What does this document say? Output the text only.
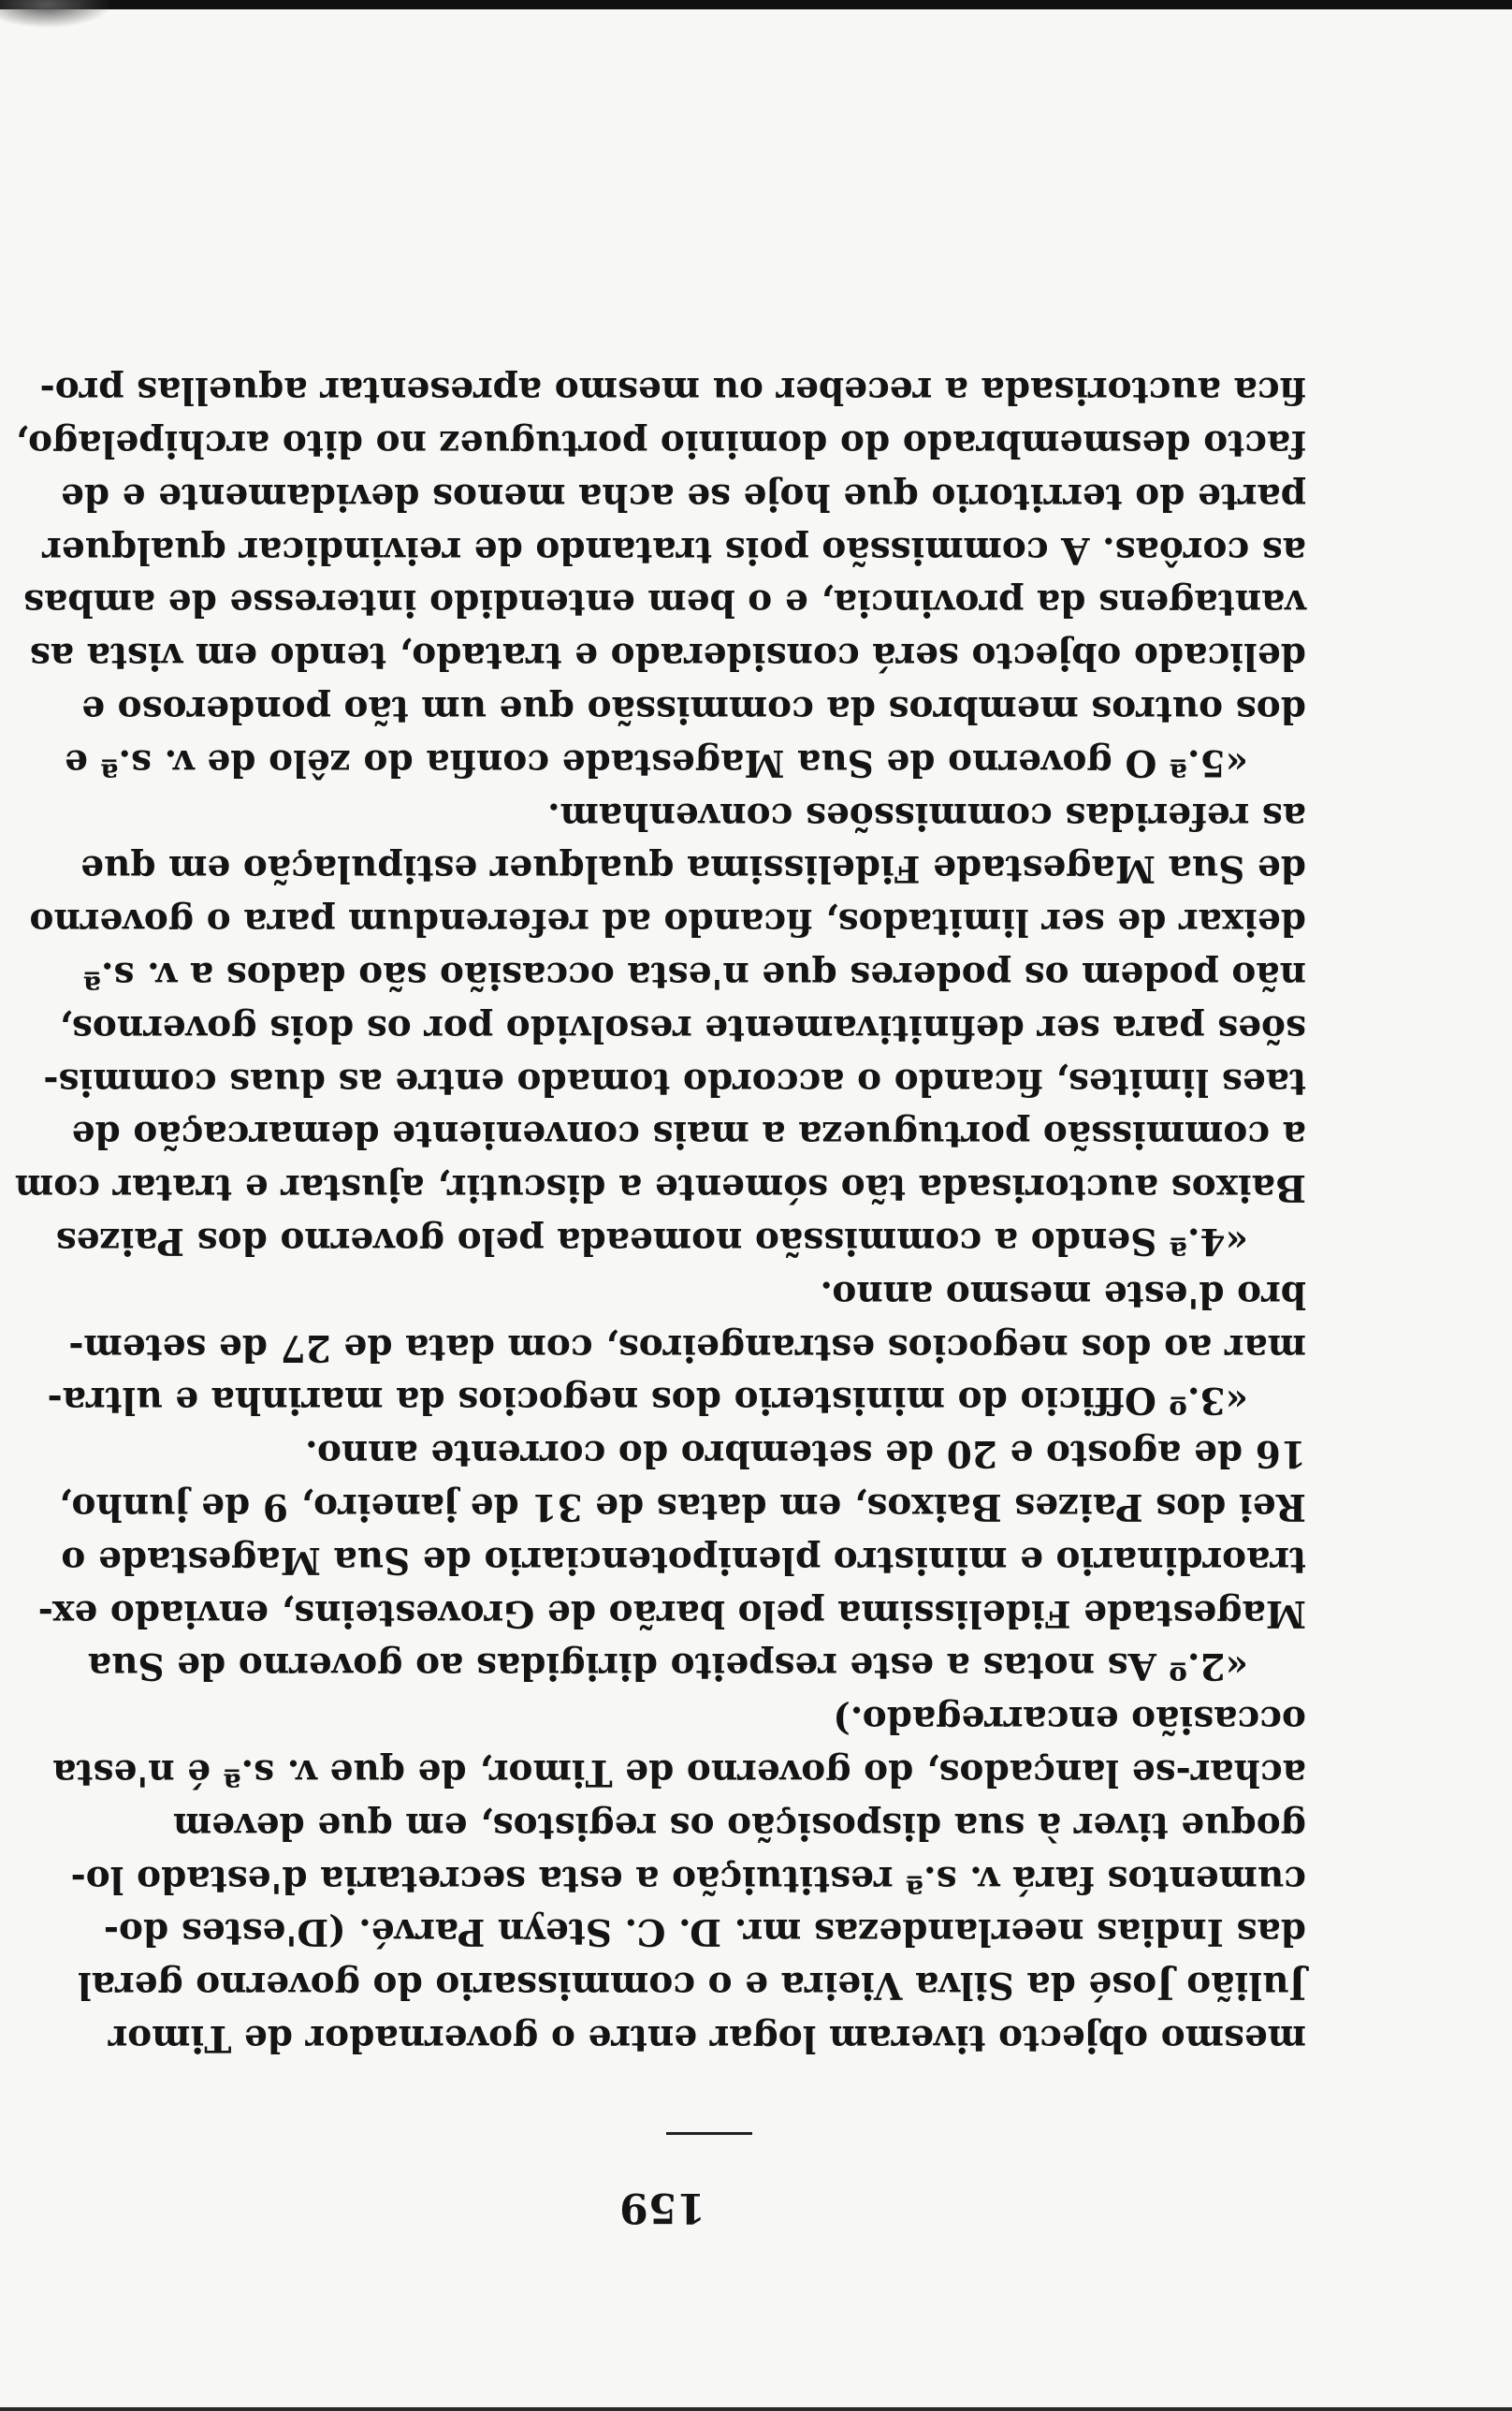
159
mesmo objecto tiveram logar entre o governador de Timor
Julião José da Silva Vieira e o commissario do governo geral
das Indias neerlandezas mr. D. C. Steyn Parvé. (D'estes do-
cumentos fará v. s.ª restituição a esta secretaria d'estado lo-
goque tiver à sua disposição os registos, em que devem
achar-se lançados, do governo de Timor, de que v. s.ª é n'esta
occasião encarregado.)
«2.º As notas a este respeito dirigidas ao governo de Sua
Magestade Fidelissima pelo barão de Grovesteins, enviado ex-
traordinario e ministro plenipotenciario de Sua Magestade o
Rei dos Paizes Baixos, em datas de 31 de janeiro, 9 de junho,
16 de agosto e 20 de setembro do corrente anno.
«3.º Officio do ministerio dos negocios da marinha e ultra-
mar ao dos negocios estrangeiros, com data de 27 de setem-
bro d'este mesmo anno.
«4.ª Sendo a commissão nomeada pelo governo dos Paizes
Baixos auctorisada tão sómente a discutir, ajustar e tratar com
a commissão portugueza a mais conveniente demarcação de
taes limites, ficando o accordo tomado entre as duas commis-
sões para ser definitivamente resolvido por os dois governos,
não podem os poderes que n'esta occasião são dados a v. s.ª
deixar de ser limitados, ficando ad referendum para o governo
de Sua Magestade Fidelissima qualquer estipulação em que
as referidas commissões convenham.
«5.ª O governo de Sua Magestade confia do zêlo de v. s.ª e
dos outros membros da commissão que um tão ponderoso e
delicado objecto será considerado e tratado, tendo em vista as
vantagens da provincia, e o bem entendido interesse de ambas
as corôas. A commissão pois tratando de reivindicar qualquer
parte do territorio que hoje se acha menos devidamente e de
facto desmembrado do dominio portuguez no dito archipelago,
fica auctorisada a receber ou mesmo apresentar aquellas pro-
